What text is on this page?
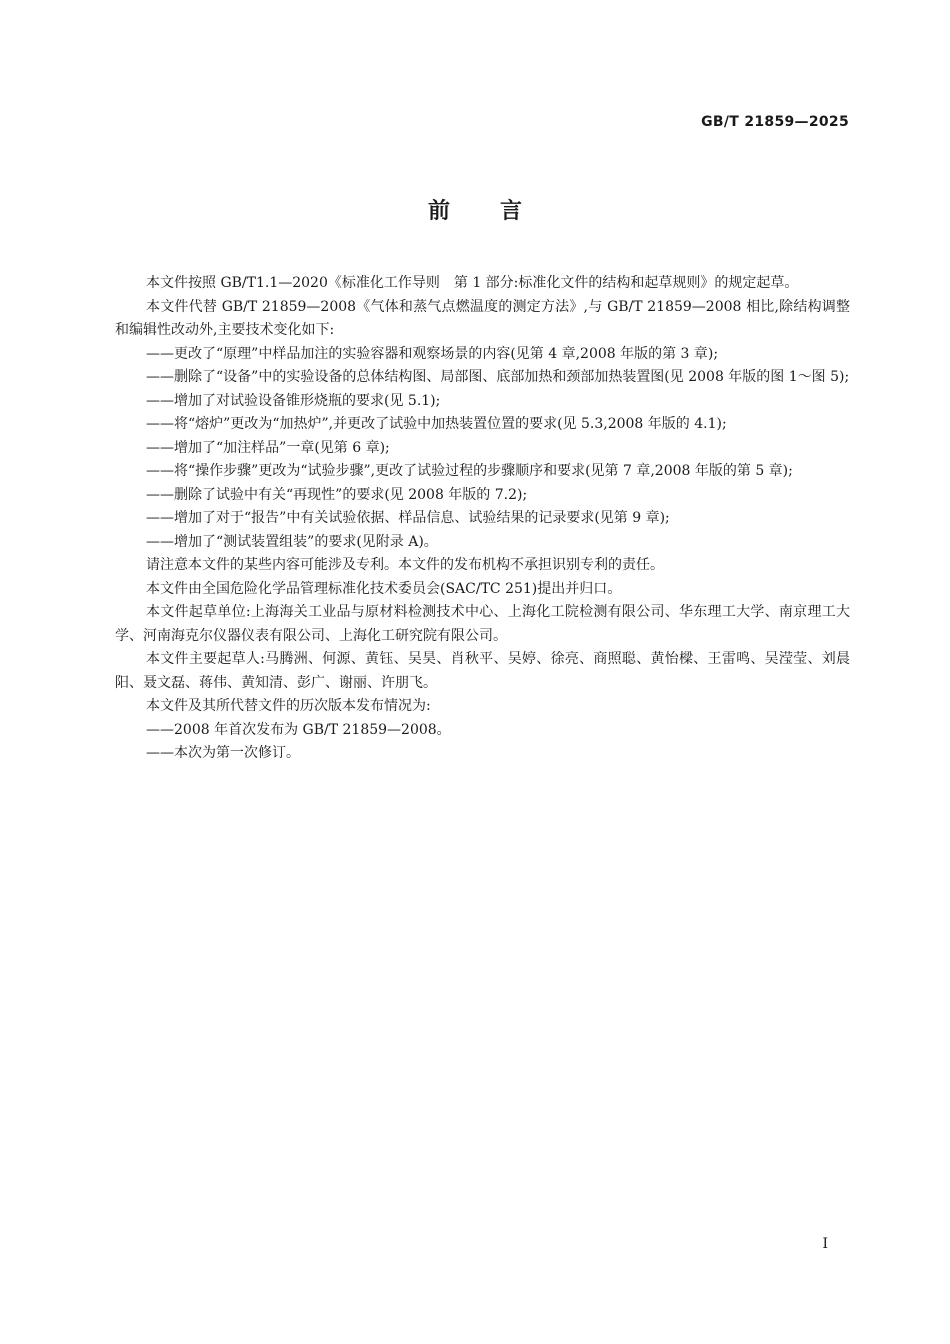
GB/T 21859—2025
前言

本文件按照 GB/T1.1—2020《标准化工作导则　第 1 部分:标准化文件的结构和起草规则》的规定起草。

本文件代替 GB/T 21859—2008《气体和蒸气点燃温度的测定方法》,与 GB/T 21859—2008 相比,除结构调整和编辑性改动外,主要技术变化如下:

——更改了“原理”中样品加注的实验容器和观察场景的内容(见第 4 章,2008 年版的第 3 章);

——删除了“设备”中的实验设备的总体结构图、局部图、底部加热和颈部加热装置图(见 2008 年版的图 1～图 5);

——增加了对试验设备锥形烧瓶的要求(见 5.1);

——将“熔炉”更改为“加热炉”,并更改了试验中加热装置位置的要求(见 5.3,2008 年版的 4.1);

——增加了“加注样品”一章(见第 6 章);

——将“操作步骤”更改为“试验步骤”,更改了试验过程的步骤顺序和要求(见第 7 章,2008 年版的第 5 章);

——删除了试验中有关“再现性”的要求(见 2008 年版的 7.2);

——增加了对于“报告”中有关试验依据、样品信息、试验结果的记录要求(见第 9 章);

——增加了“测试装置组装”的要求(见附录 A)。

请注意本文件的某些内容可能涉及专利。本文件的发布机构不承担识别专利的责任。

本文件由全国危险化学品管理标准化技术委员会(SAC/TC 251)提出并归口。

本文件起草单位:上海海关工业品与原材料检测技术中心、上海化工院检测有限公司、华东理工大学、南京理工大学、河南海克尔仪器仪表有限公司、上海化工研究院有限公司。

本文件主要起草人:马腾洲、何源、黄钰、吴昊、肖秋平、吴婷、徐亮、商照聪、黄怡樑、王雷鸣、吴滢莹、刘晨阳、聂文磊、蒋伟、黄知清、彭广、谢丽、许朋飞。

本文件及其所代替文件的历次版本发布情况为:

——2008 年首次发布为 GB/T 21859—2008。

——本次为第一次修订。

I
